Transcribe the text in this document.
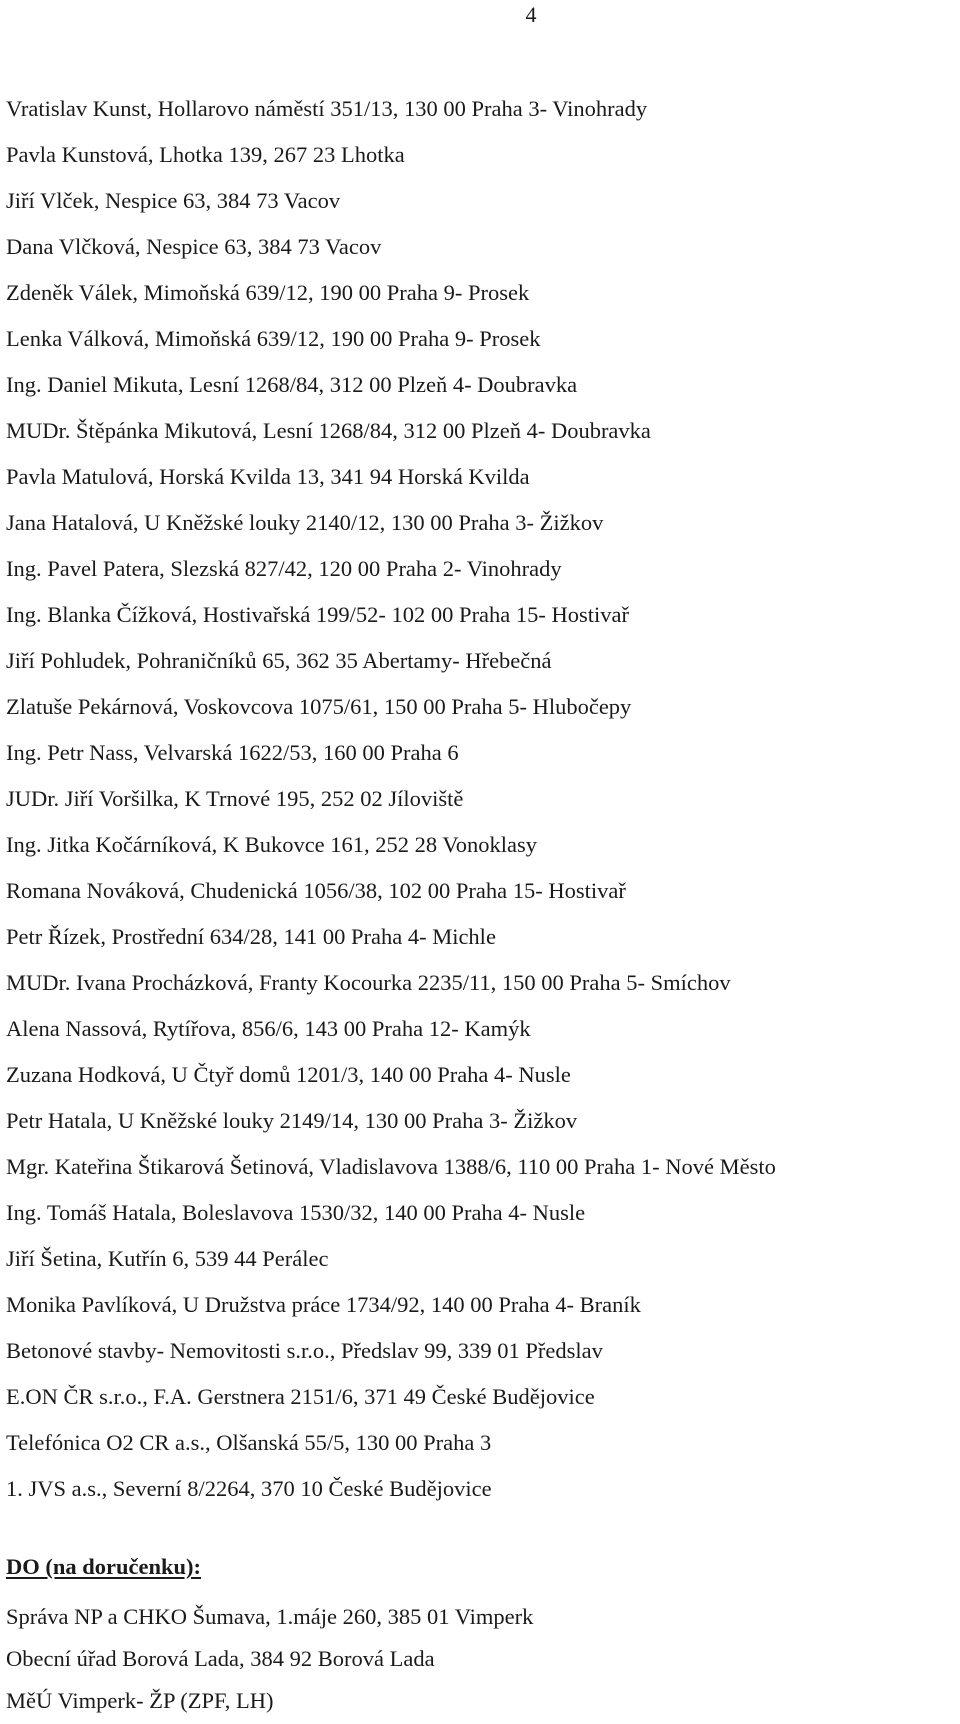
4
Vratislav Kunst, Hollarovo náměstí 351/13, 130 00 Praha 3- Vinohrady
Pavla Kunstová, Lhotka 139, 267 23 Lhotka
Jiří Vlček, Nespice 63, 384 73 Vacov
Dana Vlčková, Nespice 63, 384 73 Vacov
Zdeněk Válek, Mimoňská 639/12, 190 00 Praha 9- Prosek
Lenka Válková, Mimoňská 639/12, 190 00 Praha 9- Prosek
Ing. Daniel Mikuta, Lesní 1268/84, 312 00 Plzeň 4- Doubravka
MUDr. Štěpánka Mikutová, Lesní 1268/84, 312 00 Plzeň 4- Doubravka
Pavla Matulová, Horská Kvilda 13, 341 94 Horská Kvilda
Jana Hatalová, U Kněžské louky 2140/12, 130 00 Praha 3- Žižkov
Ing. Pavel Patera, Slezská 827/42, 120 00 Praha 2- Vinohrady
Ing. Blanka Čížková, Hostivařská 199/52- 102 00 Praha 15- Hostivař
Jiří Pohludek, Pohraničníků 65, 362 35 Abertamy- Hřebečná
Zlatuše Pekárnová, Voskovcova 1075/61, 150 00 Praha 5- Hlubočepy
Ing. Petr Nass, Velvarská 1622/53, 160 00 Praha 6
JUDr. Jiří Voršilka, K Trnové 195, 252 02 Jíloviště
Ing. Jitka Kočárníková, K Bukovce 161, 252 28 Vonoklasy
Romana Nováková, Chudenická 1056/38, 102 00 Praha 15- Hostivař
Petr Řízek, Prostřední 634/28, 141 00 Praha 4- Michle
MUDr. Ivana Procházková, Franty Kocourka 2235/11, 150 00 Praha 5- Smíchov
Alena Nassová, Rytířova, 856/6, 143 00 Praha 12- Kamýk
Zuzana Hodková, U Čtyř domů 1201/3, 140 00 Praha 4- Nusle
Petr Hatala, U Kněžské louky 2149/14, 130 00 Praha 3- Žižkov
Mgr. Kateřina Štikarová Šetinová, Vladislavova 1388/6, 110 00 Praha 1- Nové Město
Ing. Tomáš Hatala, Boleslavova 1530/32, 140 00 Praha 4- Nusle
Jiří Šetina, Kutřín 6, 539 44 Perálec
Monika Pavlíková, U Družstva práce 1734/92, 140 00 Praha 4- Braník
Betonové stavby- Nemovitosti s.r.o., Předslav 99, 339 01 Předslav
E.ON ČR s.r.o., F.A. Gerstnera 2151/6, 371 49 České Budějovice
Telefónica O2 CR a.s., Olšanská 55/5, 130 00 Praha 3
1. JVS a.s., Severní 8/2264, 370 10 České Budějovice
DO (na doručenku):
Správa NP a CHKO Šumava, 1.máje 260, 385 01 Vimperk
Obecní úřad Borová Lada, 384 92 Borová Lada
MěÚ Vimperk- ŽP (ZPF, LH)
